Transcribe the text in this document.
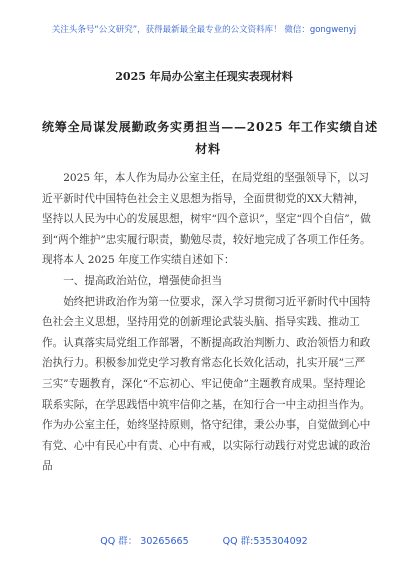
关注头条号“公文研究”，获得最新最全最专业的公文资料库！ 微信：gongwenyj
2025 年局办公室主任现实表现材料
统筹全局谋发展勤政务实勇担当——2025 年工作实绩自述
材料

2025 年，本人作为局办公室主任，在局党组的坚强领导下，以习近平新时代中国特色社会主义思想为指导，全面贯彻党的XX大精神，坚持以人民为中心的发展思想，树牢“四个意识”，坚定“四个自信”，做到“两个维护”忠实履行职责，勤勉尽责，较好地完成了各项工作任务。现将本人 2025 年度工作实绩自述如下：

一、提高政治站位，增强使命担当

始终把讲政治作为第一位要求，深入学习贯彻习近平新时代中国特色社会主义思想，坚持用党的创新理论武装头脑、指导实践、推动工作。认真落实局党组工作部署，不断提高政治判断力、政治领悟力和政治执行力。积极参加党史学习教育常态化长效化活动，扎实开展”三严三实”专题教育，深化“不忘初心、牢记使命”主题教育成果。坚持理论联系实际，在学思践悟中筑牢信仰之基，在知行合一中主动担当作为。作为办公室主任，始终坚持原则，恪守纪律，秉公办事，自觉做到心中有党、心中有民心中有责、心中有戒，以实际行动践行对党忠诚的政治品

QQ 群： 30265665	QQ 群:535304092
